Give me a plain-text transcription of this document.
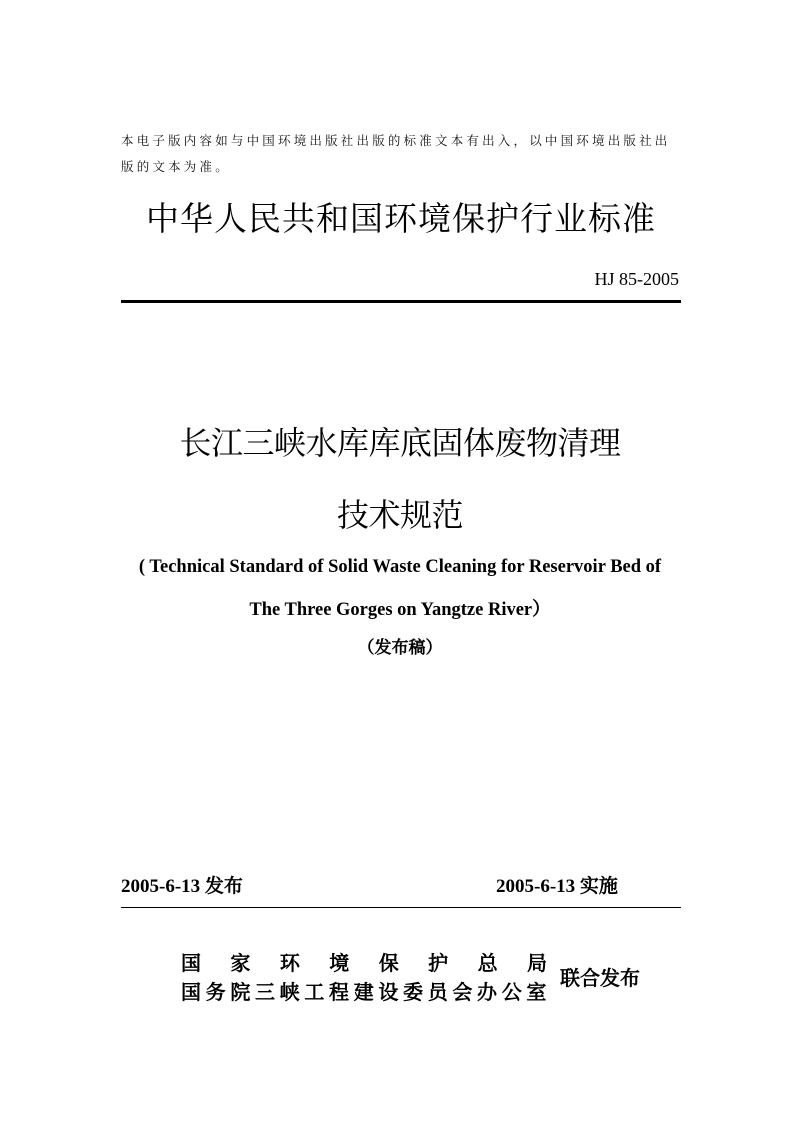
本电子版内容如与中国环境出版社出版的标准文本有出入，以中国环境出版社出版的文本为准。

中华人民共和国环境保护行业标准
HJ 85-2005
长江三峡水库库底固体废物清理
技术规范
( Technical Standard of Solid Waste Cleaning for Reservoir Bed of
The Three Gorges on Yangtze River）
（发布稿）
2005-6-13 发布	2005-6-13 实施
国家环境保护总局
国务院三峡工程建设委员会办公室
联合发布
